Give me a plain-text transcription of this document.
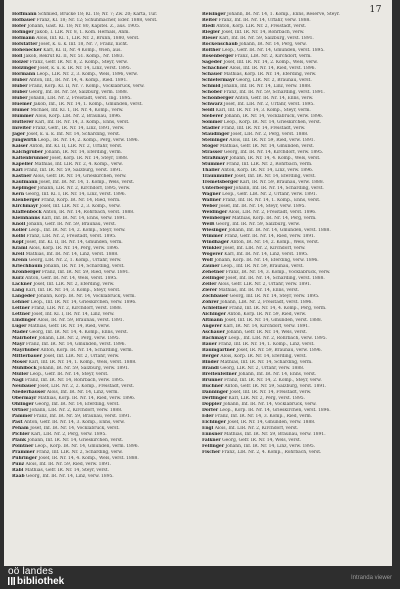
17
Hoffmann Schmied, Brücke 18; Kl. 18; Nr. 7; Zw. 20; Karta, Tür.
Hofbauer Franz, Kl. 18; Nr. 12; Schuhmacher, Eder. 1888, verst.
Hofer Johann, Gast. Kl. 18; Nr. 80, Kapitel. Z., aus. 1905.
Hofinger Jakob, I. LIR. Nr. 8, 1. Kom. Hernals, Anm.
Hofmann Alois, Inf. Kl. 1, LIR. Nr. 2, Brünn, 1880, verst.
Hofstätter Josef, k. u. k. Inf. 18, Nr. 7, Franz, nicht.
Hohenecker Karl, Kl. II, Nr. 4 Komp., Wien, aus.
Holl Jakob, Rekrut Kl. II, Nr. 51. Komp., Nr. 1883.
Holzer Franz, Gefr. IR. Nr. 8, 2. Komp., Steyr, verw.
Holzinger Josef, k. u. k. IR. Nr. 14, Linz, verst. 1895.
Hörmann Leop., LIR. Nr. 2, 3. Komp., Wels, 1896, verw.
Huber Anton, Inf., IR. Nr. 14, 4. Komp., Ried. 1891.
Huber Franz, Korp. Kl. II, Nr. 7. Komp., Vöcklabruck, verw.
Huber Georg, Inf. IR. Nr. 59, Salzburg, verm. 1888.
Huber Johann, LIR. Nr. 2, Freistadt, verst. Ing. 1895.
Huemer Jakob, Inf., IR. Nr. 14, 1. Komp., Gmunden, verst.
Humer Michael, Inf. Kl. 1, IR. Nr. 4, Komp., verw.
Hummer Alois, Korp. LIR. Nr. 2, Braunau, 1896.
Hutterer Karl, Inf. IR. Nr. 14, 3. Komp., Enns, verst.
Inreiter Franz, Gefr., IR. Nr. 14, Linz, 1891, verw.
Jäger Josef, k. u. k. Inf. Nr. 14, Schärding, verst.
Jungwirth Leop., IR. Nr. 14, 2. Komp., Perg, verw. 1896.
Kaiser Anton, Inf. Kl. II, LIR. Nr. 2, Urfahr, verst.
Kalchgruber Johann, IR. Nr. 14, Eferding, verm.
Kaltenbrunner Josef, Korp. IR. Nr. 14, Steyr, 1888.
Kapeller Mathias, Inf. LIR. Nr. 2, 4. Komp., verw.
Karl Franz, Inf. IR. Nr. 59, Salzburg, verst. 1891.
Kastner Alois, Gefr. IR. Nr. 14, Grieskirchen, verw.
Kaufmann Josef, Inf. IR. Nr. 14, 1. Komp., Wels, verst.
Keplinger Johann, LIR. Nr. 2, Kirchdorf, 1895, verw.
Kern Georg, Inf. Kl. I, IR. Nr. 14, Linz, verst. 1896.
Kienberger Franz, Korp. IR. Nr. 14, Ried, verm.
Kirchmayr Josef, Inf. LIR. Nr. 2, 3. Komp., verw.
Klaffenböck Anton, IR. Nr. 14, Rohrbach, verst. 1888.
Kleinhanns Karl, Inf. IR. Nr. 14, Enns, verw. 1891.
Knoll Johann, Gefr. IR. Nr. 59, Braunau, verst.
Koller Leop., Inf. IR. Nr. 14, 2. Komp., Steyr, verw.
Kölbl Franz, LIR. Nr. 2, Freistadt, verst. 1895.
Kopf Josef, Inf. Kl. II, IR. Nr. 14, Gmunden, verm.
Kraml Alois, Korp. IR. Nr. 14, Perg, verw. 1896.
Kreil Mathias, Inf. IR. Nr. 14, Linz, verst. 1888.
Krenn Georg, LIR. Nr. 2, 1. Komp., Urfahr, verw.
Kriechbaum Johann, IR. Nr. 14, Schärding, verst.
Kronberger Franz, Inf. IR. Nr. 59, Ried, verw. 1891.
Kurz Anton, Gefr. IR. Nr. 14, Wels, verst. 1895.
Lackner Josef, Inf. LIR. Nr. 2, Eferding, verw.
Lang Karl, Inf. IR. Nr. 14, 3. Komp., Steyr, verst.
Langeder Johann, Korp. IR. Nr. 14, Vöcklabruck, verm.
Lehner Leop., Inf. IR. Nr. 14, Grieskirchen, verw. 1896.
Leitner Franz, LIR. Nr. 2, Kirchdorf, verst. 1888.
Lettner Josef, Inf. Kl. I, IR. Nr. 14, Linz, verw.
Lindinger Alois, IR. Nr. 59, Braunau, verst. 1891.
Luger Mathias, Gefr. IR. Nr. 14, Ried, verw.
Mader Georg, Inf. IR. Nr. 14, 4. Komp., Enns, verst.
Mairhofer Johann, LIR. Nr. 2, Perg, verw. 1895.
Mayr Franz, Inf. IR. Nr. 14, Gmunden, verst. 1896.
Mayrhuber Anton, Korp. IR. Nr. 14, Schärding, verm.
Mitterbauer Josef, Inf. LIR. Nr. 2, Urfahr, verw.
Moser Karl, Inf. IR. Nr. 14, 1. Komp., Wels, verst. 1888.
Mühlböck Johann, IR. Nr. 59, Salzburg, verw. 1891.
Müller Leop., Gefr. IR. Nr. 14, Steyr, verst.
Nagl Franz, Inf. IR. Nr. 14, Rohrbach, verw. 1895.
Neubauer Josef, LIR. Nr. 2, 2. Komp., Freistadt, verst.
Niederhauser Alois, Inf. IR. Nr. 14, Linz, verm.
Obermayr Mathias, Korp. IR. Nr. 14, Ried, verw. 1896.
Öhlinger Georg, Inf. IR. Nr. 14, Eferding, verst.
Ortner Johann, LIR. Nr. 2, Kirchdorf, verw. 1888.
Pammer Franz, Inf. IR. Nr. 59, Braunau, verst. 1891.
Past Anton, Gefr. IR. Nr. 14, 3. Komp., Enns, verw.
Peham Josef, Inf. IR. Nr. 14, Vöcklabruck, verst.
Pichler Karl, LIR. Nr. 2, Perg, verw. 1895.
Plank Johann, Inf. IR. Nr. 14, Grieskirchen, verst.
Pointner Leop., Korp. IR. Nr. 14, Gmunden, verm. 1896.
Prammer Franz, Inf. LIR. Nr. 2, Schärding, verw.
Pühringer Josef, IR. Nr. 14, 4. Komp., Wels, verst. 1888.
Punz Alois, Inf. IR. Nr. 59, Ried, verw. 1891.
Rabl Mathias, Gefr. IR. Nr. 14, Steyr, verst.
Raab Georg, Inf. IR. Nr. 14, Linz, verw. 1895.
Reisinger Johann, IR. Nr. 14, 1. Komp., Enns, Reserve, Steyr.
Reiter Franz, Inf. IR. Nr. 14, Urfahr, verw. 1888.
Riedl Anton, Korp. LIR. Nr. 2, Freistadt, verst.
Riegler Josef, Inf. IR. Nr. 14, Rohrbach, verw.
Rieser Karl, Inf. IR. Nr. 59, Salzburg, verst. 1891.
Rockenschaub Johann, IR. Nr. 14, Perg, verw.
Roither Leop., Gefr. IR. Nr. 14, Gmunden, verst. 1895.
Rosenberger Franz, LIR. Nr. 2, Kirchdorf, verm.
Sageder Josef, Inf. IR. Nr. 14, 2. Komp., Wels, verw.
Schachner Alois, Inf. IR. Nr. 14, Ried, verst. 1896.
Schauer Mathias, Korp. IR. Nr. 14, Eferding, verw.
Schiefermayr Georg, LIR. Nr. 2, Braunau, verst.
Schmid Johann, Inf. IR. Nr. 14, Linz, verw. 1888.
Schober Franz, Inf. IR. Nr. 59, Schärding, verst. 1891.
Schönberger Anton, Gefr. IR. Nr. 14, Enns, verw.
Schwarz Josef, Inf. LIR. Nr. 2, Urfahr, verst. 1895.
Seidl Karl, Inf. IR. Nr. 14, 3. Komp., Steyr, verm.
Sieberer Johann, IR. Nr. 14, Vöcklabruck, verw. 1896.
Sommer Leop., Korp. IR. Nr. 14, Grieskirchen, verst.
Stadler Franz, Inf. IR. Nr. 14, Freistadt, verw.
Staudinger Josef, LIR. Nr. 2, Perg, verst. 1888.
Steininger Alois, Inf. IR. Nr. 59, Ried, verw. 1891.
Stöger Mathias, Gefr. IR. Nr. 14, Gmunden, verst.
Strasser Georg, Inf. IR. Nr. 14, Kirchdorf, verw. 1895.
Straßmayr Johann, IR. Nr. 14, 4. Komp., Wels, verst.
Stummer Franz, Inf. LIR. Nr. 2, Rohrbach, verm.
Thaller Anton, Korp. IR. Nr. 14, Linz, verw. 1896.
Traunmüller Josef, Inf. IR. Nr. 14, Eferding, verst.
Tremetsberger Karl, IR. Nr. 59, Braunau, verw. 1888.
Unterberger Johann, Inf. IR. Nr. 14, Schärding, verst.
Wagner Leop., Gefr. LIR. Nr. 2, Urfahr, verw. 1891.
Wallner Franz, Inf. IR. Nr. 14, 1. Komp., Enns, verst.
Weber Josef, Inf. IR. Nr. 14, Steyr, verw. 1895.
Weidinger Alois, LIR. Nr. 2, Freistadt, verst. 1896.
Weinberger Mathias, Korp. IR. Nr. 14, Perg, verm.
Weiß Georg, Inf. IR. Nr. 59, Salzburg, verw.
Wiesinger Johann, Inf. IR. Nr. 14, Gmunden, verst. 1888.
Wimmer Franz, Gefr. IR. Nr. 14, Ried, verw. 1891.
Windhager Anton, IR. Nr. 14, 2. Komp., Wels, verst.
Winkler Josef, Inf. LIR. Nr. 2, Kirchdorf, verw.
Wögerer Karl, Inf. IR. Nr. 14, Linz, verst. 1895.
Wolf Johann, Korp. IR. Nr. 14, Eferding, verw. 1896.
Zauner Leop., Inf. IR. Nr. 59, Braunau, verst.
Zehetner Franz, IR. Nr. 14, 3. Komp., Vöcklabruck, verw.
Zeilinger Josef, Inf. IR. Nr. 14, Schärding, verst. 1888.
Zeller Alois, Gefr. LIR. Nr. 2, Urfahr, verw. 1891.
Zierer Mathias, Inf. IR. Nr. 14, Enns, verst.
Zöchbauer Georg, Inf. IR. Nr. 14, Steyr, verw. 1895.
Zöhrer Johann, LIR. Nr. 2, Freistadt, verst. 1896.
Achleitner Franz, Inf. IR. Nr. 14, 4. Komp., Perg, verm.
Aichinger Anton, Korp. IR. Nr. 59, Ried, verw.
Altmann Josef, Inf. IR. Nr. 14, Gmunden, verst. 1888.
Angerer Karl, IR. Nr. 14, Kirchdorf, verw. 1891.
Aschauer Johann, Gefr. IR. Nr. 14, Wels, verst.
Bachmayr Leop., Inf. LIR. Nr. 2, Rohrbach, verw. 1895.
Bauer Franz, Inf. IR. Nr. 14, 1. Komp., Linz, verst.
Baumgartner Josef, IR. Nr. 59, Braunau, verw. 1896.
Berger Alois, Korp. IR. Nr. 14, Eferding, verst.
Binder Mathias, Inf. IR. Nr. 14, Schärding, verm.
Brandl Georg, LIR. Nr. 2, Urfahr, verw. 1888.
Breitenfellner Johann, Inf. IR. Nr. 14, Enns, verst.
Brunner Franz, Inf. IR. Nr. 14, 2. Komp., Steyr, verw.
Buchner Anton, Gefr. IR. Nr. 59, Salzburg, verst. 1891.
Danninger Josef, Inf. IR. Nr. 14, Freistadt, verw.
Derflinger Karl, LIR. Nr. 2, Perg, verst. 1895.
Doppler Johann, Inf. IR. Nr. 14, Vöcklabruck, verw.
Dorfer Leop., Korp. IR. Nr. 14, Grieskirchen, verst. 1896.
Eder Franz, Inf. IR. Nr. 14, 3. Komp., Ried, verm.
Eichinger Josef, IR. Nr. 14, Gmunden, verw. 1888.
Engl Alois, Inf. LIR. Nr. 2, Kirchdorf, verst.
Ennsner Mathias, Inf. IR. Nr. 59, Braunau, verw. 1891.
Falkner Georg, Gefr. IR. Nr. 14, Wels, verst.
Fellinger Johann, Inf. IR. Nr. 14, Linz, verw. 1895.
Fischer Franz, LIR. Nr. 2, 4. Komp., Rohrbach, verst.
oö landes
bibliothek	Intranda viewer
